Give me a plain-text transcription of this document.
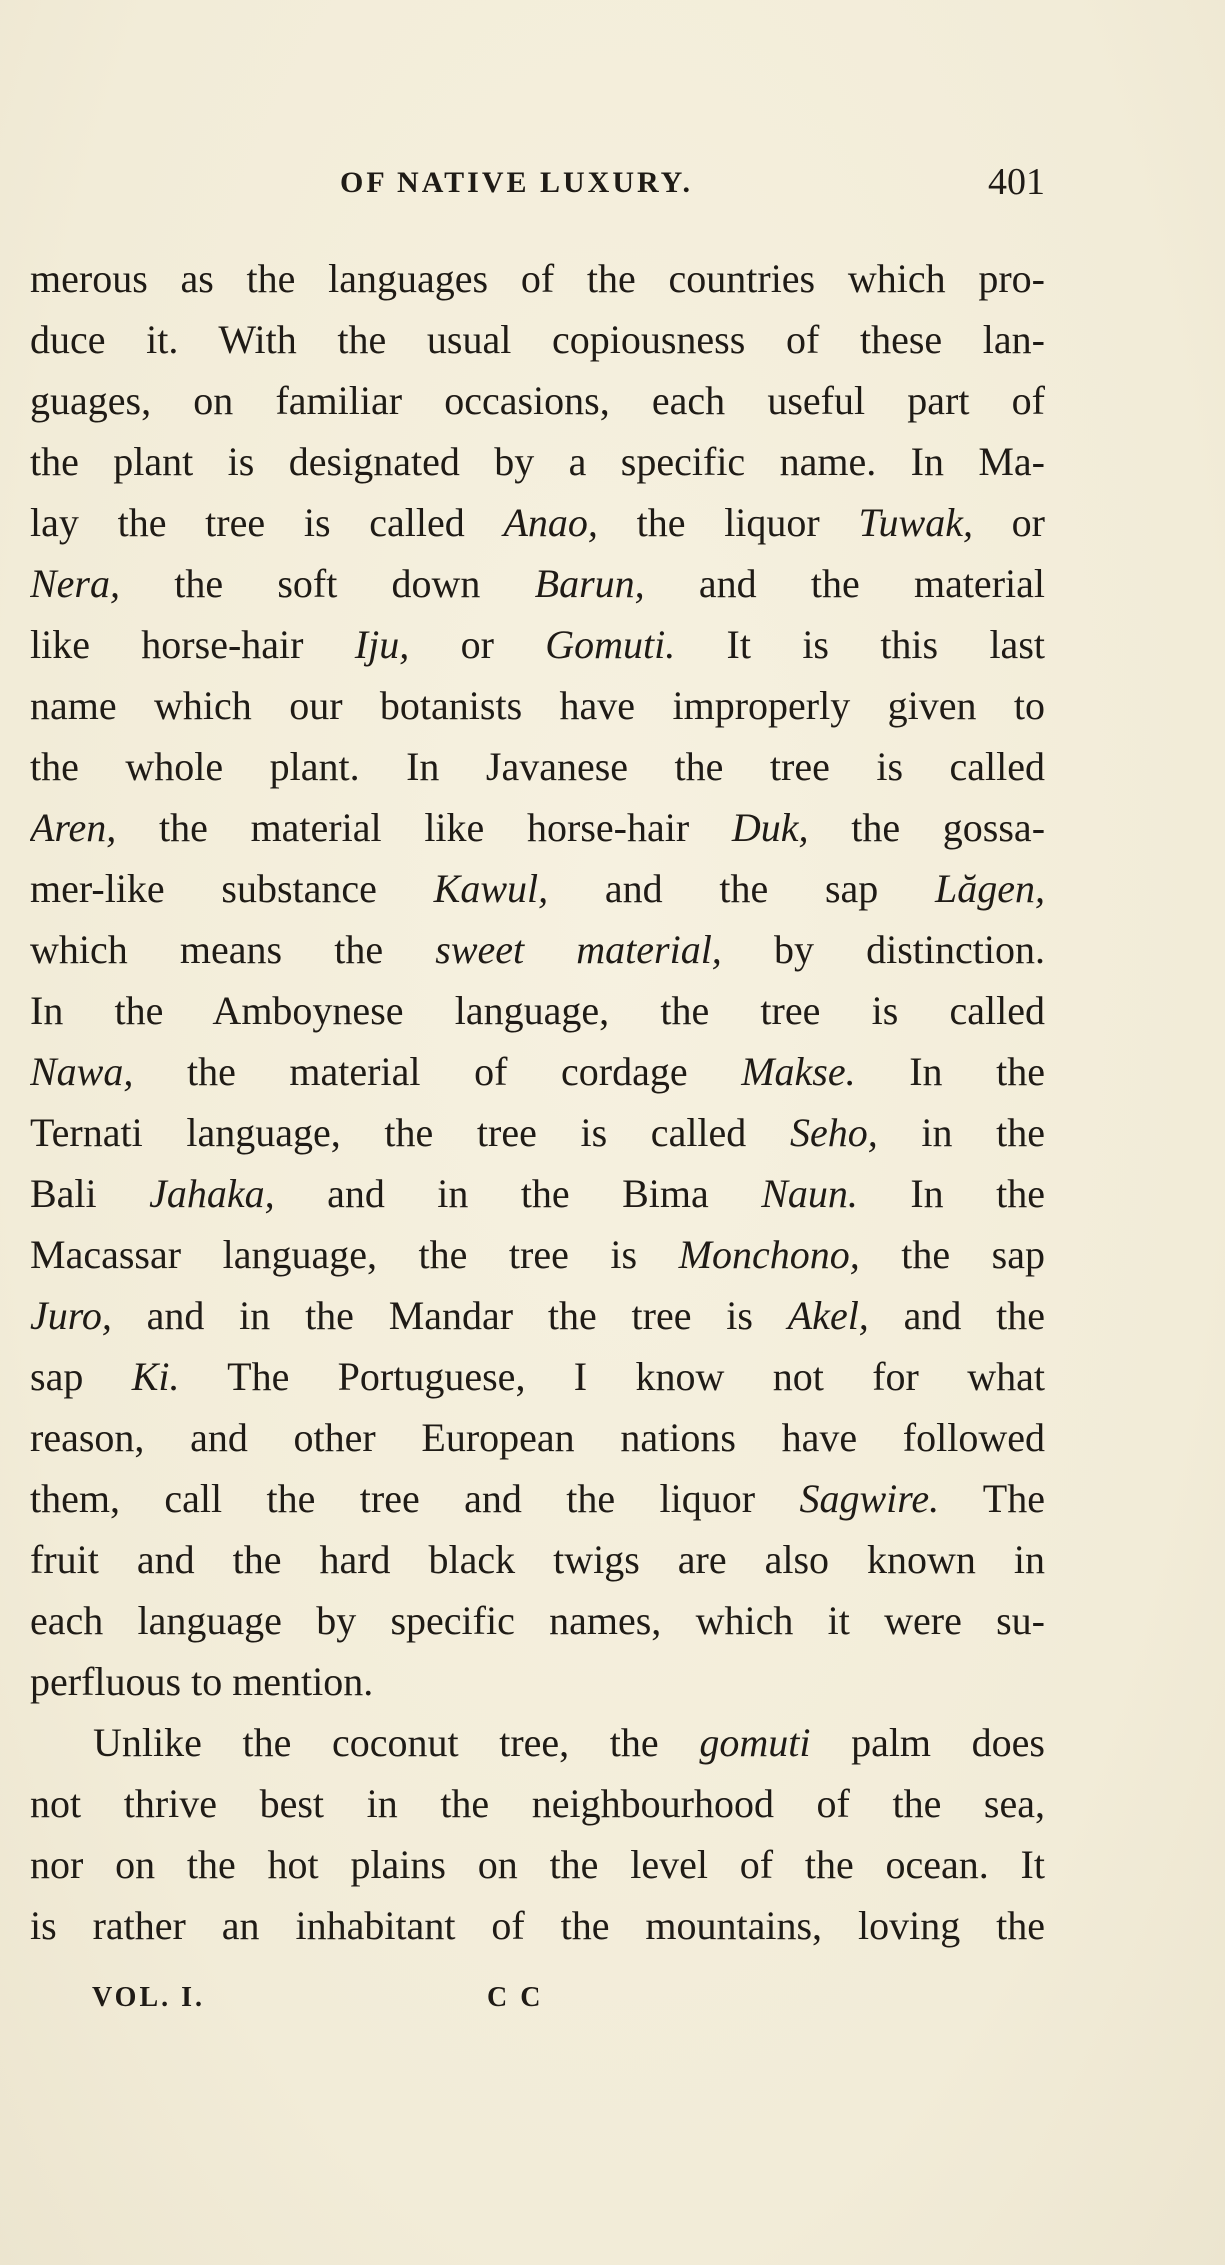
OF NATIVE LUXURY.	401
merous as the languages of the countries which pro-
duce it. With the usual copiousness of these lan-
guages, on familiar occasions, each useful part of
the plant is designated by a specific name. In Ma-
lay the tree is called Anao, the liquor Tuwak, or
Nera, the soft down Barun, and the material
like horse-hair Iju, or Gomuti. It is this last
name which our botanists have improperly given to
the whole plant. In Javanese the tree is called
Aren, the material like horse-hair Duk, the gossa-
mer-like substance Kawul, and the sap Lăgen,
which means the sweet material, by distinction.
In the Amboynese language, the tree is called
Nawa, the material of cordage Makse. In the
Ternati language, the tree is called Seho, in the
Bali Jahaka, and in the Bima Naun. In the
Macassar language, the tree is Monchono, the sap
Juro, and in the Mandar the tree is Akel, and the
sap Ki. The Portuguese, I know not for what
reason, and other European nations have followed
them, call the tree and the liquor Sagwire. The
fruit and the hard black twigs are also known in
each language by specific names, which it were su-
perfluous to mention.
Unlike the coconut tree, the gomuti palm does
not thrive best in the neighbourhood of the sea,
nor on the hot plains on the level of the ocean. It
is rather an inhabitant of the mountains, loving the
VOL. I.	C C
